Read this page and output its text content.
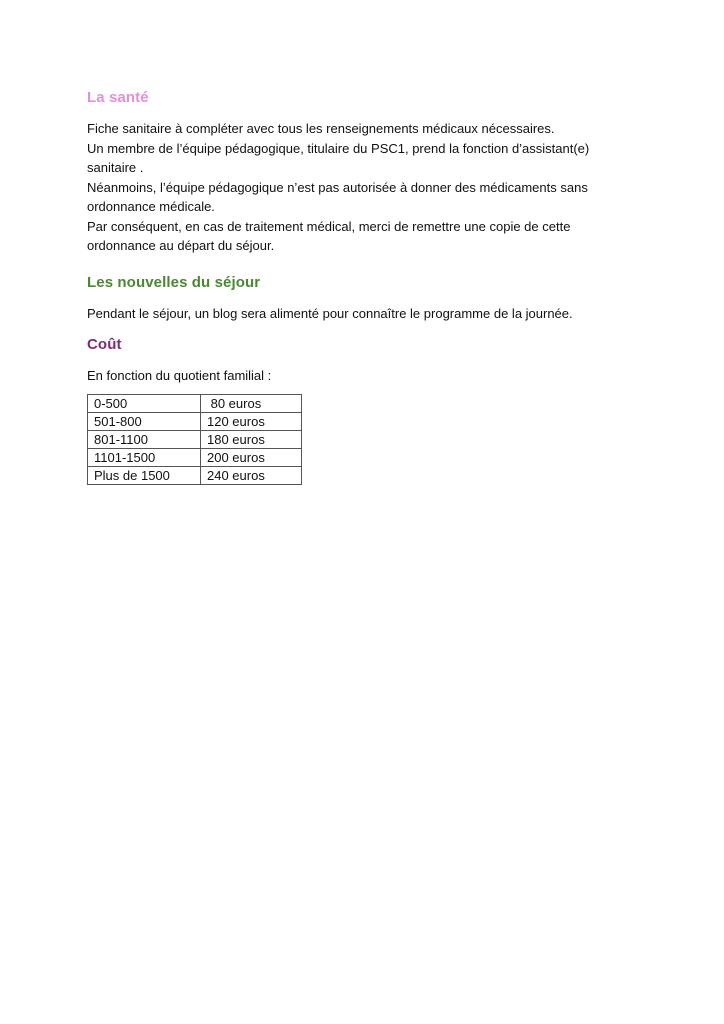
La santé
Fiche sanitaire à compléter avec tous les renseignements médicaux nécessaires.
Un membre de l’équipe pédagogique, titulaire du PSC1, prend la fonction d’assistant(e)
sanitaire .
Néanmoins, l’équipe pédagogique n’est pas autorisée à donner des médicaments sans
ordonnance médicale.
Par conséquent, en cas de traitement médical, merci de remettre une copie de cette
ordonnance au départ du séjour.
Les nouvelles du séjour

Pendant le séjour, un blog sera alimenté pour connaître le programme de la journée.

Coût

En fonction du quotient familial :

0-500	80 euros
501-800	120 euros
801-1100	180 euros
1101-1500	200 euros
Plus de 1500	240 euros
